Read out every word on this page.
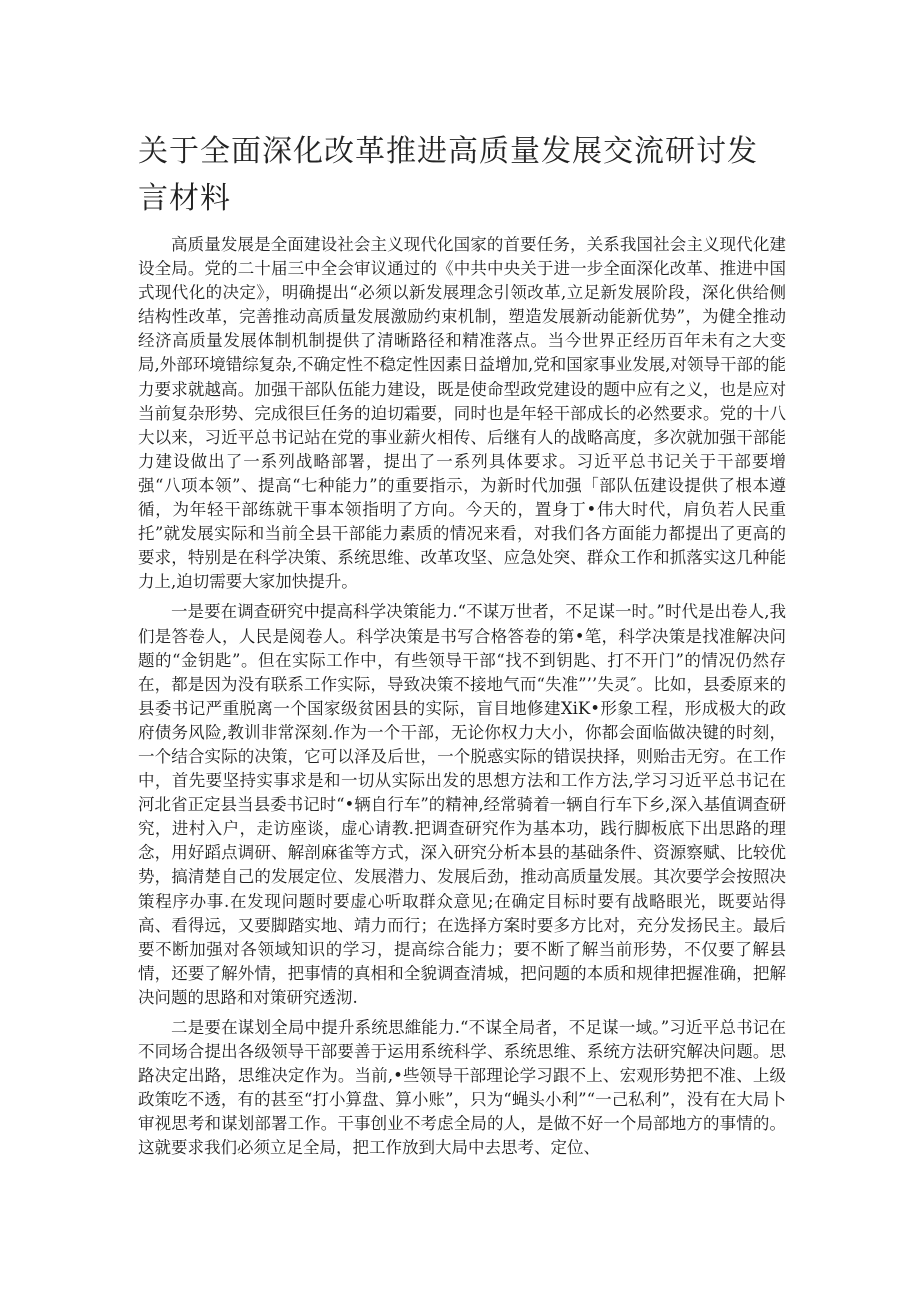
关于全面深化改革推进高质量发展交流研讨发言材料

高质量发展是全面建设社会主义现代化国家的首要任务，关系我国社会主义现代化建设全局。党的二十届三中全会审议通过的《中共中央关于进一步全面深化改革、推进中国式现代化的决定》，明确提出“必须以新发展理念引领改革,立足新发展阶段，深化供给侧结构性改革，完善推动高质量发展激励约束机制，塑造发展新动能新优势”，为健全推动经济高质量发展体制机制提供了清晰路径和精准落点。当今世界正经历百年未有之大变局,外部环境错综复杂,不确定性不稳定性因素日益增加,党和国家事业发展,对领导干部的能力要求就越高。加强干部队伍能力建设，既是使命型政党建设的题中应有之义，也是应对当前复杂形势、完成很巨任务的迫切霜要，同时也是年轻干部成长的必然要求。党的十八大以来，习近平总书记站在党的事业薪火相传、后继有人的战略高度，多次就加强干部能力建设做出了一系列战略部署，提出了一系列具体要求。习近平总书记关于干部要增强“八项本领”、提高“七种能力”的重要指示，为新时代加强「部队伍建设提供了根本遵循，为年轻干部练就干事本领指明了方向。今天的，置身丁•伟大时代，肩负若人民重托”就发展实际和当前全县干部能力素质的情况来看，对我们各方面能力都提出了更高的要求，特别是在科学决策、系统思维、改革攻坚、应急处突、群众工作和抓落实这几种能力上,迫切需要大家加快提升。

一是要在调查研究中提高科学决策能力.“不谋万世者，不足谋一时。”时代是出卷人,我们是答卷人，人民是阅卷人。科学决策是书写合格答卷的第•笔，科学决策是找准解决问题的“金钥匙”。但在实际工作中，有些领导干部“找不到钥匙、打不开门”的情况仍然存在，都是因为没有联系工作实际，导致决策不接地气而“失准”’’失灵″。比如，县委原来的县委书记严重脱离一个国家级贫困县的实际，盲目地修建XiK•形象工程，形成极大的政府债务风险,教训非常深刻.作为一个干部，无论你权力大小，你都会面临做决键的时刻，一个结合实际的决策，它可以泽及后世，一个脱惑实际的错误抉择，则贻击无穷。在工作中，首先要坚持实事求是和一切从实际出发的思想方法和工作方法,学习习近平总书记在河北省正定县当县委书记时“•辆自行车”的精神,经常骑着一辆自行车下乡,深入基值调查研究，进村入户，走访座谈，虚心请教.把调查研究作为基本功，践行脚板底下出思路的理念，用好蹈点调研、解剖麻雀等方式，深入研究分析本县的基础条件、资源察赋、比较优势，搞清楚自己的发展定位、发展潜力、发展后劲，推动高质量发展。其次要学会按照决策程序办事.在发现问题时要虚心听取群众意见;在确定目标时要有战略眼光，既要站得高、看得远，又要脚踏实地、靖力而行；在选择方案时要多方比对，充分发扬民主。最后要不断加强对各领域知识的学习，提高综合能力；要不断了解当前形势，不仅要了解县情，还要了解外情，把事情的真相和全貌调查清城，把问题的本质和规律把握准确，把解决问题的思路和对策研究透沏.

二是要在谋划全局中提升系统思維能力.“不谋全局者，不足谋一域。”习近平总书记在不同场合提出各级领导干部要善于运用系统科学、系统思维、系统方法研究解决问题。思路决定出路，思维决定作为。当前,•些领导干部理论学习跟不上、宏观形势把不准、上级政策吃不透，有的甚至“打小算盘、算小账”，只为“蝇头小利”“一己私利”，没有在大局卜审视思考和谋划部署工作。干事创业不考虑全局的人，是做不好一个局部地方的事情的。这就要求我们必须立足全局，把工作放到大局中去思考、定位、
